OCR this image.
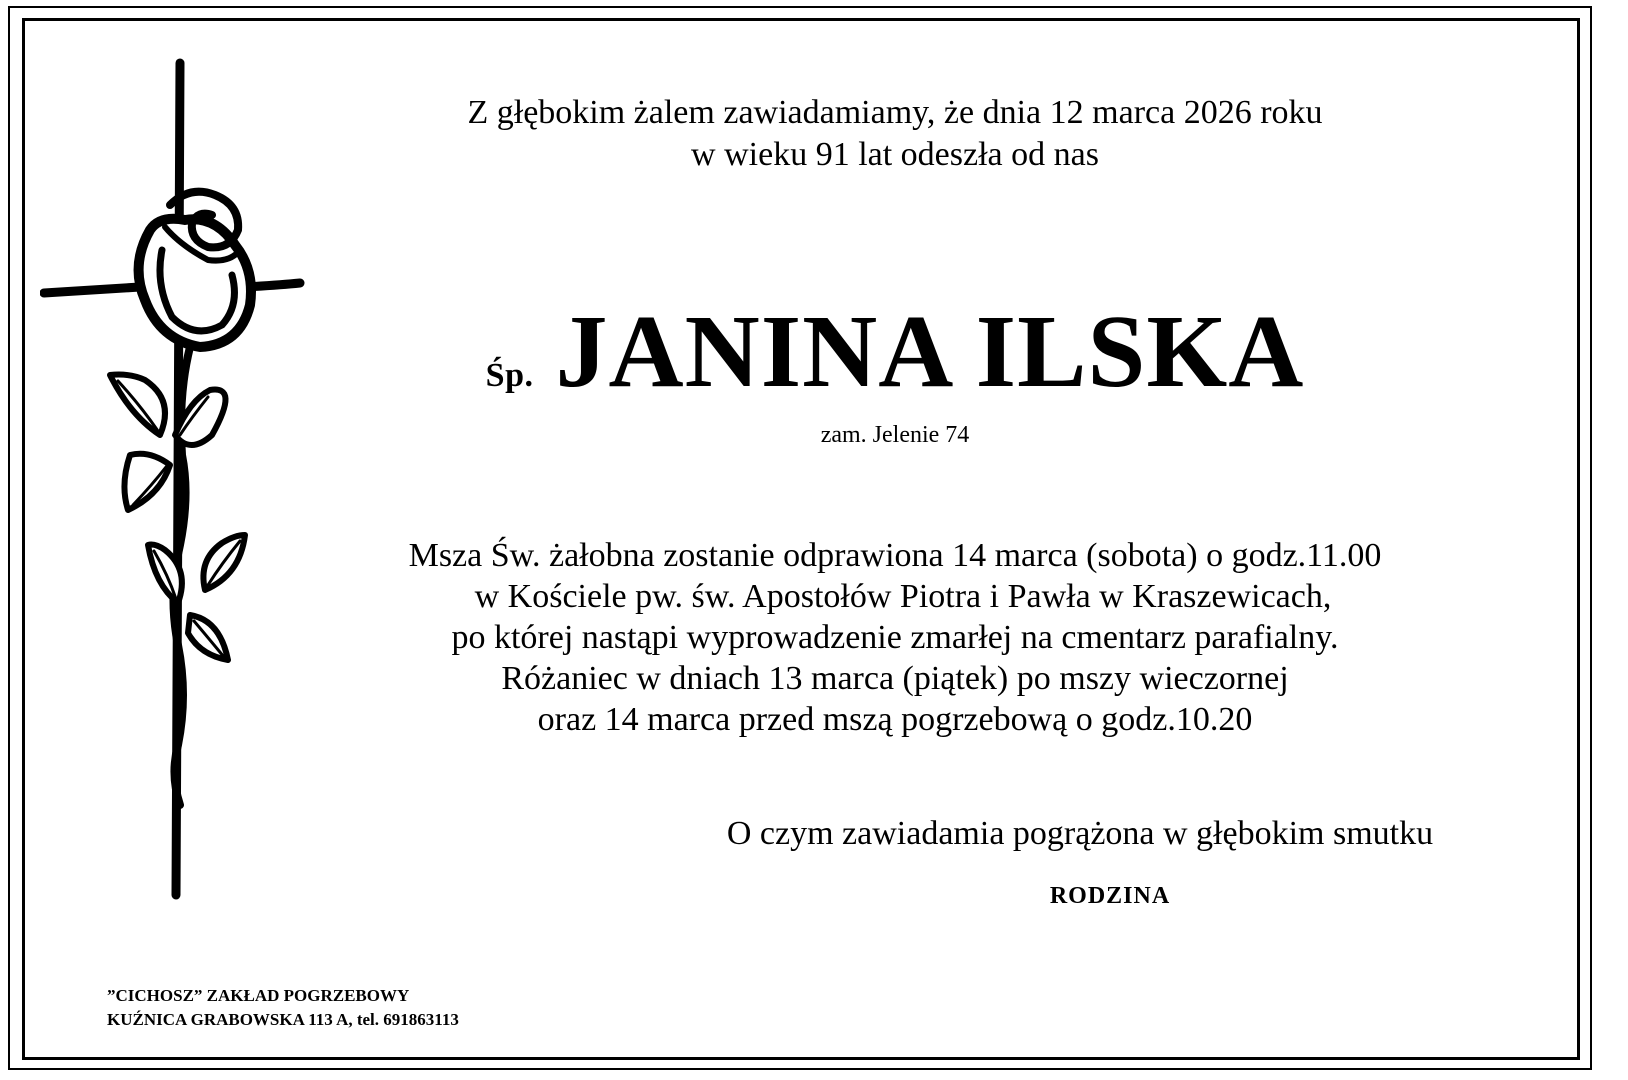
Z głębokim żalem zawiadamiamy, że dnia 12 marca 2026 roku
w wieku 91 lat odeszła od nas
Śp. JANINA ILSKA
zam. Jelenie 74
Msza Św. żałobna zostanie odprawiona 14 marca (sobota) o godz.11.00
w Kościele pw. św. Apostołów Piotra i Pawła w Kraszewicach,
po której nastąpi wyprowadzenie zmarłej na cmentarz parafialny.
Różaniec w dniach 13 marca (piątek) po mszy wieczornej
oraz 14 marca przed mszą pogrzebową o godz.10.20
O czym zawiadamia pogrążona w głębokim smutku
RODZINA
”CICHOSZ” ZAKŁAD POGRZEBOWY
KUŹNICA GRABOWSKA 113 A, tel. 691863113
